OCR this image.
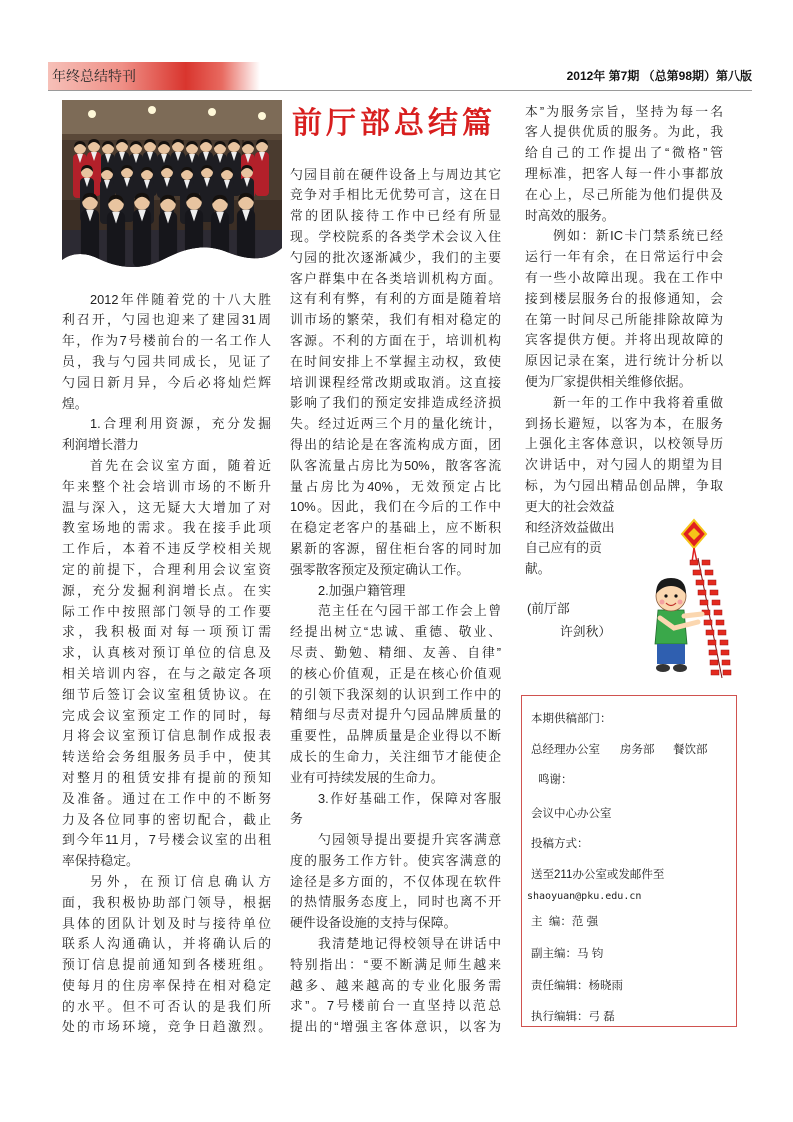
年终总结特刊	2012年 第7期 （总第98期）第八版
前厅部总结篇
2012年伴随着党的十八大胜
利召开，勺园也迎来了建园31周
年，作为7号楼前台的一名工作人
员，我与勺园共同成长，见证了
勺园日新月异，今后必将灿烂辉
煌。
1.合理利用资源，充分发掘
利润增长潜力
首先在会议室方面，随着近
年来整个社会培训市场的不断升
温与深入，这无疑大大增加了对
教室场地的需求。我在接手此项
工作后，本着不违反学校相关规
定的前提下，合理利用会议室资
源，充分发掘利润增长点。在实
际工作中按照部门领导的工作要
求，我积极面对每一项预订需
求，认真核对预订单位的信息及
相关培训内容，在与之敲定各项
细节后签订会议室租赁协议。在
完成会议室预定工作的同时，每
月将会议室预订信息制作成报表
转送给会务组服务员手中，使其
对整月的租赁安排有提前的预知
及准备。通过在工作中的不断努
力及各位同事的密切配合，截止
到今年11月，7号楼会议室的出租
率保持稳定。
另外，在预订信息确认方
面，我积极协助部门领导，根据
具体的团队计划及时与接待单位
联系人沟通确认，并将确认后的
预订信息提前通知到各楼班组。
使每月的住房率保持在相对稳定
的水平。但不可否认的是我们所
处的市场环境，竞争日趋激烈。
勺园目前在硬件设备上与周边其它
竞争对手相比无优势可言，这在日
常的团队接待工作中已经有所显
现。学校院系的各类学术会议入住
勺园的批次逐渐减少，我们的主要
客户群集中在各类培训机构方面。
这有利有弊，有利的方面是随着培
训市场的繁荣，我们有相对稳定的
客源。不利的方面在于，培训机构
在时间安排上不掌握主动权，致使
培训课程经常改期或取消。这直接
影响了我们的预定安排造成经济损
失。经过近两三个月的量化统计，
得出的结论是在客流构成方面，团
队客流量占房比为50%，散客客流
量占房比为40%，无效预定占比
10%。因此，我们在今后的工作中
在稳定老客户的基础上，应不断积
累新的客源，留住柜台客的同时加
强零散客预定及预定确认工作。
2.加强户籍管理
范主任在勺园干部工作会上曾
经提出树立“忠诚、重德、敬业、
尽责、勤勉、精细、友善、自律”
的核心价值观，正是在核心价值观
的引领下我深刻的认识到工作中的
精细与尽责对提升勺园品牌质量的
重要性，品牌质量是企业得以不断
成长的生命力，关注细节才能使企
业有可持续发展的生命力。
3.作好基础工作，保障对客服
务
勺园领导提出要提升宾客满意
度的服务工作方针。使宾客满意的
途径是多方面的，不仅体现在软件
的热情服务态度上，同时也离不开
硬件设备设施的支持与保障。
我清楚地记得校领导在讲话中
特别指出：“要不断满足师生越来
越多、越来越高的专业化服务需
求”。7号楼前台一直坚持以范总
提出的“增强主客体意识，以客为
本”为服务宗旨，坚持为每一名
客人提供优质的服务。为此，我
给自己的工作提出了“微格”管
理标准，把客人每一件小事都放
在心上，尽己所能为他们提供及
时高效的服务。
例如：新IC卡门禁系统已经
运行一年有余，在日常运行中会
有一些小故障出现。我在工作中
接到楼层服务台的报修通知，会
在第一时间尽己所能排除故障为
宾客提供方便。并将出现故障的
原因记录在案，进行统计分析以
便为厂家提供相关维修依据。
新一年的工作中我将着重做
到扬长避短，以客为本，在服务
上强化主客体意识，以校领导历
次讲话中，对勺园人的期望为目
标，为勺园出精品创品牌，争取
更大的社会效益
和经济效益做出
自己应有的贡
献。
(前厅部
许剑秋）
本期供稿部门：
总经理办公室 房务部 餐饮部
鸣谢：
会议中心办公室
投稿方式：
送至211办公室或发邮件至
shaoyuan@pku.edu.cn
主  编：范 强
副主编：马 钧
责任编辑：杨晓雨
执行编辑：弓 磊
